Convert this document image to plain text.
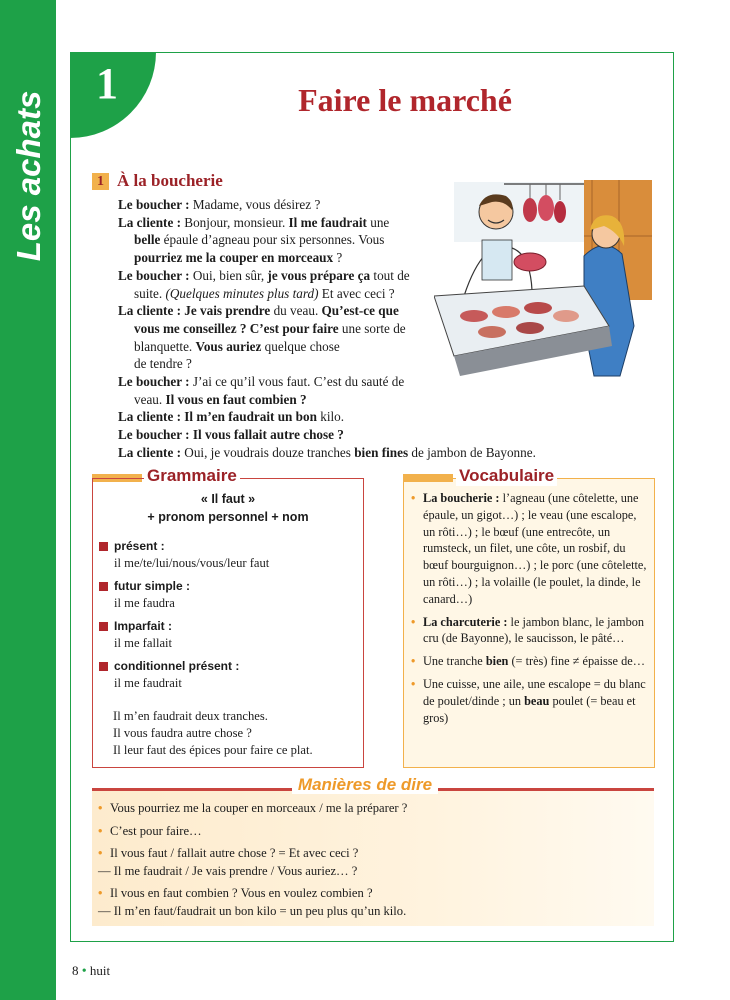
Les achats
1	Faire le marché
1 À la boucherie
Le boucher : Madame, vous désirez ?
La cliente : Bonjour, monsieur. Il me faudrait une
belle épaule d’agneau pour six personnes. Vous
pourriez me la couper en morceaux ?
Le boucher : Oui, bien sûr, je vous prépare ça tout de
suite. (Quelques minutes plus tard) Et avec ceci ?
La cliente : Je vais prendre du veau. Qu’est-ce que
vous me conseillez ? C’est pour faire une sorte de
blanquette. Vous auriez quelque chose
de tendre ?
Le boucher : J’ai ce qu’il vous faut. C’est du sauté de
veau. Il vous en faut combien ?
La cliente : Il m’en faudrait un bon kilo.
Le boucher : Il vous fallait autre chose ?
La cliente : Oui, je voudrais douze tranches bien fines de jambon de Bayonne.
Grammaire
« Il faut »
+ pronom personnel + nom
présent :
il me/te/lui/nous/vous/leur faut
futur simple :
il me faudra
Imparfait :
il me fallait
conditionnel présent :
il me faudrait
Il m’en faudrait deux tranches.
Il vous faudra autre chose ?
Il leur faut des épices pour faire ce plat.
Vocabulaire
• La boucherie : l’agneau (une côtelette, une épaule, un gigot…) ; le veau (une escalope, un rôti…) ; le bœuf (une entrecôte, un rumsteck, un filet, une côte, un rosbif, du bœuf bourguignon…) ; le porc (une côtelette, un rôti…) ; la volaille (le poulet, la dinde, le canard…)
• La charcuterie : le jambon blanc, le jambon cru (de Bayonne), le saucisson, le pâté…
• Une tranche bien (= très) fine ≠ épaisse de…
• Une cuisse, une aile, une escalope = du blanc de poulet/dinde ; un beau poulet (= beau et gros)
Manières de dire
• Vous pourriez me la couper en morceaux / me la préparer ?
• C’est pour faire…
• Il vous faut / fallait autre chose ? = Et avec ceci ?
— Il me faudrait / Je vais prendre / Vous auriez… ?
• Il vous en faut combien ? Vous en voulez combien ?
— Il m’en faut/faudrait un bon kilo = un peu plus qu’un kilo.
8 • huit
